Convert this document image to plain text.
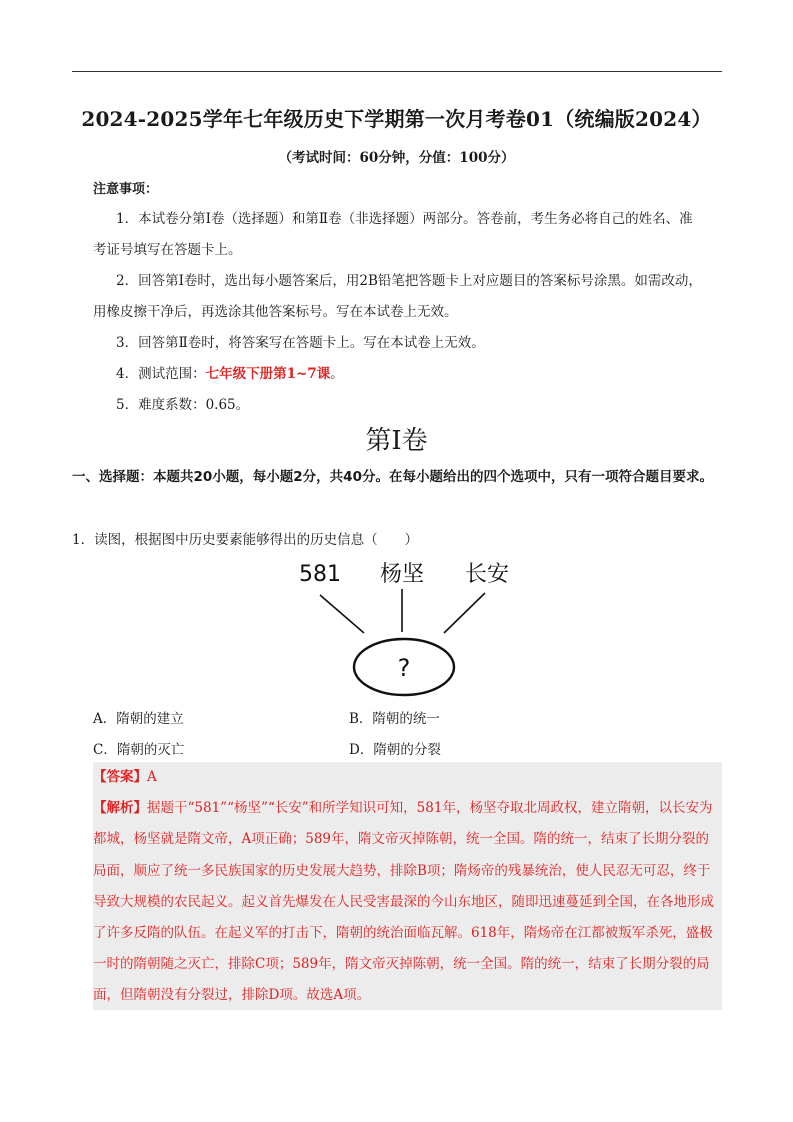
2024-2025学年七年级历史下学期第一次月考卷01（统编版2024）
（考试时间：60分钟，分值：100分）
注意事项：
1．本试卷分第Ⅰ卷（选择题）和第Ⅱ卷（非选择题）两部分。答卷前，考生务必将自己的姓名、准
考证号填写在答题卡上。
2．回答第Ⅰ卷时，选出每小题答案后，用2B铅笔把答题卡上对应题目的答案标号涂黑。如需改动，
用橡皮擦干净后，再选涂其他答案标号。写在本试卷上无效。
3．回答第Ⅱ卷时，将答案写在答题卡上。写在本试卷上无效。
4．测试范围：七年级下册第1~7课。
5．难度系数：0.65。
第Ⅰ卷
一、选择题：本题共20小题，每小题2分，共40分。在每小题给出的四个选项中，只有一项符合题目要求。
1．读图，根据图中历史要素能够得出的历史信息（　　）
581 杨坚 长安
?
A．隋朝的建立	B．隋朝的统一
C．隋朝的灭亡	D．隋朝的分裂
【答案】A
【解析】据题干“581”“杨坚”“长安”和所学知识可知，581年，杨坚夺取北周政权，建立隋朝，以长安为都城，杨坚就是隋文帝，A项正确；589年，隋文帝灭掉陈朝，统一全国。隋的统一，结束了长期分裂的局面，顺应了统一多民族国家的历史发展大趋势，排除B项；隋炀帝的残暴统治，使人民忍无可忍，终于导致大规模的农民起义。起义首先爆发在人民受害最深的今山东地区，随即迅速蔓延到全国，在各地形成了许多反隋的队伍。在起义军的打击下，隋朝的统治面临瓦解。618年，隋炀帝在江都被叛军杀死，盛极一时的隋朝随之灭亡，排除C项；589年，隋文帝灭掉陈朝，统一全国。隋的统一，结束了长期分裂的局面，但隋朝没有分裂过，排除D项。故选A项。
